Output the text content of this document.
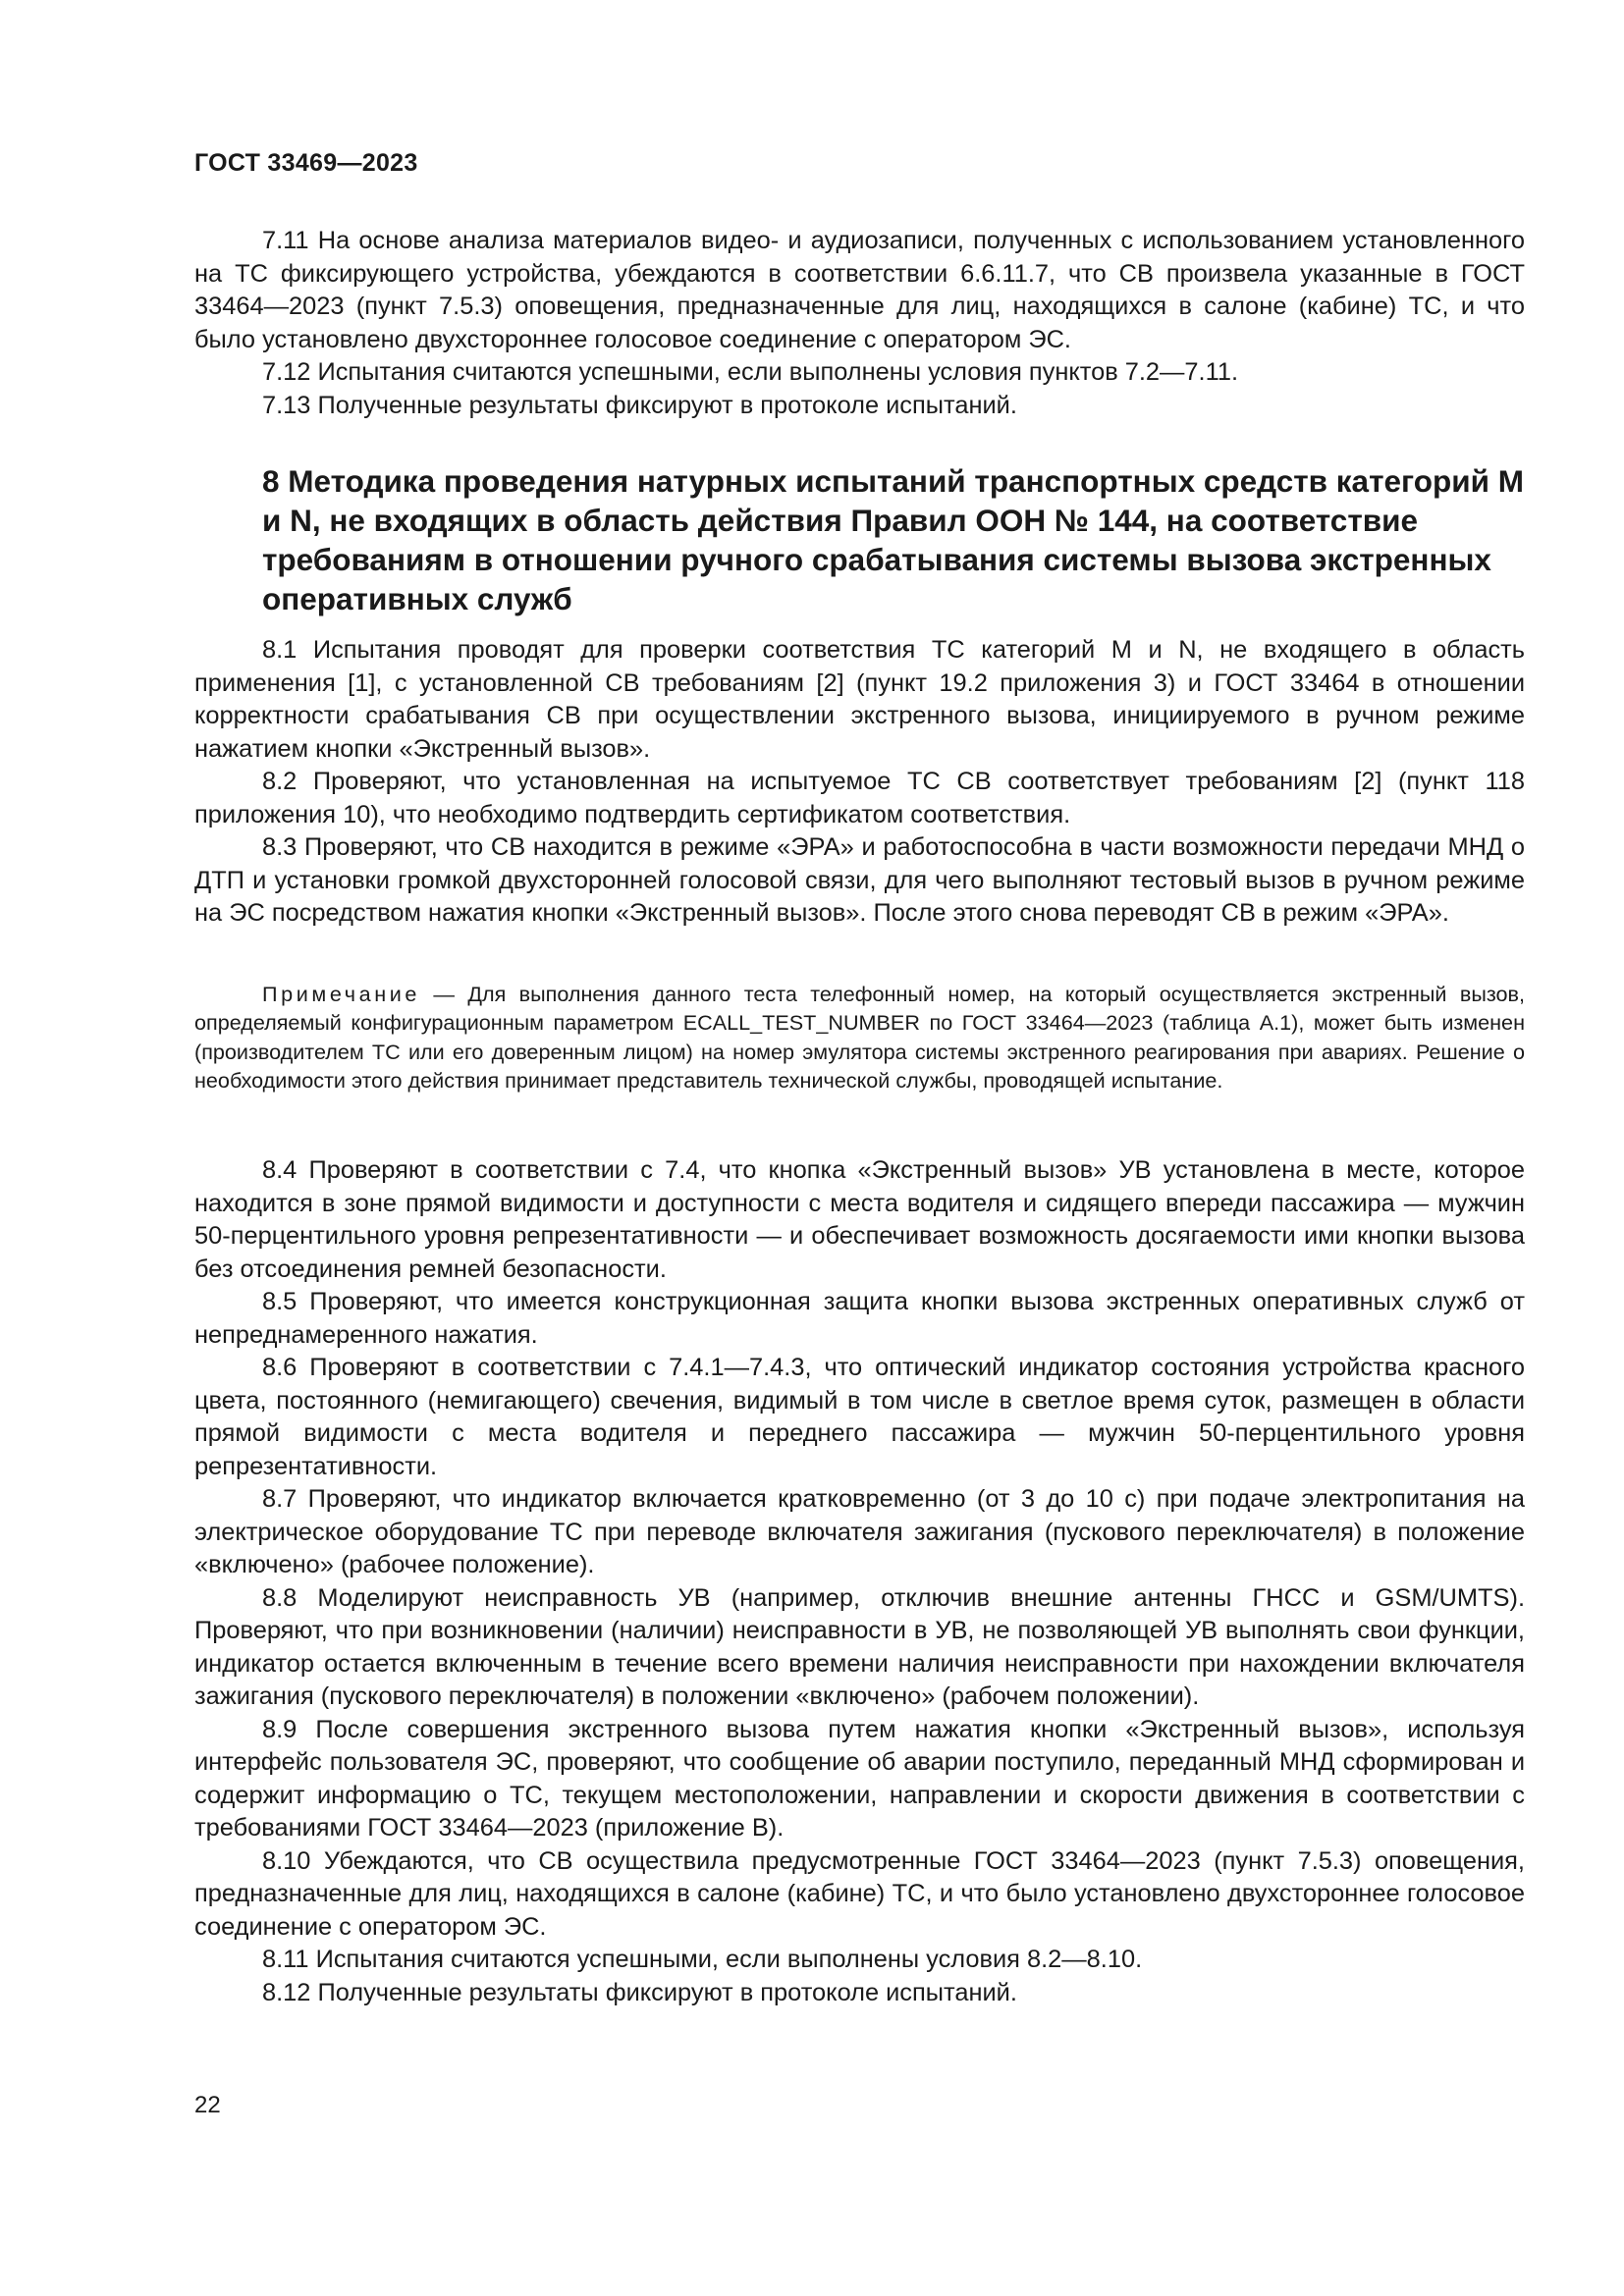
ГОСТ 33469—2023

7.11 На основе анализа материалов видео- и аудиозаписи, полученных с использованием установленного на ТС фиксирующего устройства, убеждаются в соответствии 6.6.11.7, что СВ произвела указанные в ГОСТ 33464—2023 (пункт 7.5.3) оповещения, предназначенные для лиц, находящихся в салоне (кабине) ТС, и что было установлено двухстороннее голосовое соединение с оператором ЭС.

7.12 Испытания считаются успешными, если выполнены условия пунктов 7.2—7.11.

7.13 Полученные результаты фиксируют в протоколе испытаний.

8 Методика проведения натурных испытаний транспортных средств категорий M и N, не входящих в область действия Правил ООН № 144, на соответствие требованиям в отношении ручного срабатывания системы вызова экстренных оперативных служб

8.1 Испытания проводят для проверки соответствия ТС категорий M и N, не входящего в область применения [1], с установленной СВ требованиям [2] (пункт 19.2 приложения 3) и ГОСТ 33464 в отношении корректности срабатывания СВ при осуществлении экстренного вызова, инициируемого в ручном режиме нажатием кнопки «Экстренный вызов».

8.2 Проверяют, что установленная на испытуемое ТС СВ соответствует требованиям [2] (пункт 118 приложения 10), что необходимо подтвердить сертификатом соответствия.

8.3 Проверяют, что СВ находится в режиме «ЭРА» и работоспособна в части возможности передачи МНД о ДТП и установки громкой двухсторонней голосовой связи, для чего выполняют тестовый вызов в ручном режиме на ЭС посредством нажатия кнопки «Экстренный вызов». После этого снова переводят СВ в режим «ЭРА».

Примечание — Для выполнения данного теста телефонный номер, на который осуществляется экстренный вызов, определяемый конфигурационным параметром ECALL_TEST_NUMBER по ГОСТ 33464—2023 (таблица А.1), может быть изменен (производителем ТС или его доверенным лицом) на номер эмулятора системы экстренного реагирования при авариях. Решение о необходимости этого действия принимает представитель технической службы, проводящей испытание.

8.4 Проверяют в соответствии с 7.4, что кнопка «Экстренный вызов» УВ установлена в месте, которое находится в зоне прямой видимости и доступности с места водителя и сидящего впереди пассажира — мужчин 50-перцентильного уровня репрезентативности — и обеспечивает возможность досягаемости ими кнопки вызова без отсоединения ремней безопасности.

8.5 Проверяют, что имеется конструкционная защита кнопки вызова экстренных оперативных служб от непреднамеренного нажатия.

8.6 Проверяют в соответствии с 7.4.1—7.4.3, что оптический индикатор состояния устройства красного цвета, постоянного (немигающего) свечения, видимый в том числе в светлое время суток, размещен в области прямой видимости с места водителя и переднего пассажира — мужчин 50-перцентильного уровня репрезентативности.

8.7 Проверяют, что индикатор включается кратковременно (от 3 до 10 с) при подаче электропитания на электрическое оборудование ТС при переводе включателя зажигания (пускового переключателя) в положение «включено» (рабочее положение).

8.8 Моделируют неисправность УВ (например, отключив внешние антенны ГНСС и GSM/UMTS). Проверяют, что при возникновении (наличии) неисправности в УВ, не позволяющей УВ выполнять свои функции, индикатор остается включенным в течение всего времени наличия неисправности при нахождении включателя зажигания (пускового переключателя) в положении «включено» (рабочем положении).

8.9 После совершения экстренного вызова путем нажатия кнопки «Экстренный вызов», используя интерфейс пользователя ЭС, проверяют, что сообщение об аварии поступило, переданный МНД сформирован и содержит информацию о ТС, текущем местоположении, направлении и скорости движения в соответствии с требованиями ГОСТ 33464—2023 (приложение В).

8.10 Убеждаются, что СВ осуществила предусмотренные ГОСТ 33464—2023 (пункт 7.5.3) оповещения, предназначенные для лиц, находящихся в салоне (кабине) ТС, и что было установлено двухстороннее голосовое соединение с оператором ЭС.

8.11 Испытания считаются успешными, если выполнены условия 8.2—8.10.

8.12 Полученные результаты фиксируют в протоколе испытаний.

22
